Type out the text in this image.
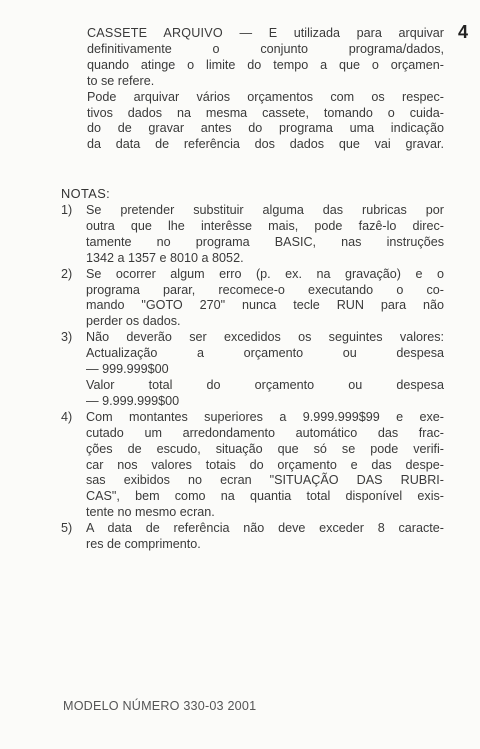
4
CASSETE ARQUIVO — E utilizada para arquivar
definitivamente o conjunto programa/dados,
quando atinge o limite do tempo a que o orçamen-
to se refere.
Pode arquivar vários orçamentos com os respec-
tivos dados na mesma cassete, tomando o cuida-
do de gravar antes do programa uma indicação
da data de referência dos dados que vai gravar.
NOTAS:
1)	Se pretender substituir alguma das rubricas por
outra que lhe interêsse mais, pode fazê-lo direc-
tamente no programa BASIC, nas instruções
1342 a 1357 e 8010 a 8052.
2)	Se ocorrer algum erro (p. ex. na gravação) e o
programa parar, recomece-o executando o co-
mando "GOTO 270" nunca tecle RUN para não
perder os dados.
3)	Não deverão ser excedidos os seguintes valores:
Actualização a orçamento ou despesa
— 999.999$00
Valor total do orçamento ou despesa
— 9.999.999$00
4)	Com montantes superiores a 9.999.999$99 e exe-
cutado um arredondamento automático das frac-
ções de escudo, situação que só se pode verifi-
car nos valores totais do orçamento e das despe-
sas exibidos no ecran "SITUAÇÃO DAS RUBRI-
CAS", bem como na quantia total disponível exis-
tente no mesmo ecran.
5)	A data de referência não deve exceder 8 caracte-
res de comprimento.
MODELO NÚMERO 330-03 2001
